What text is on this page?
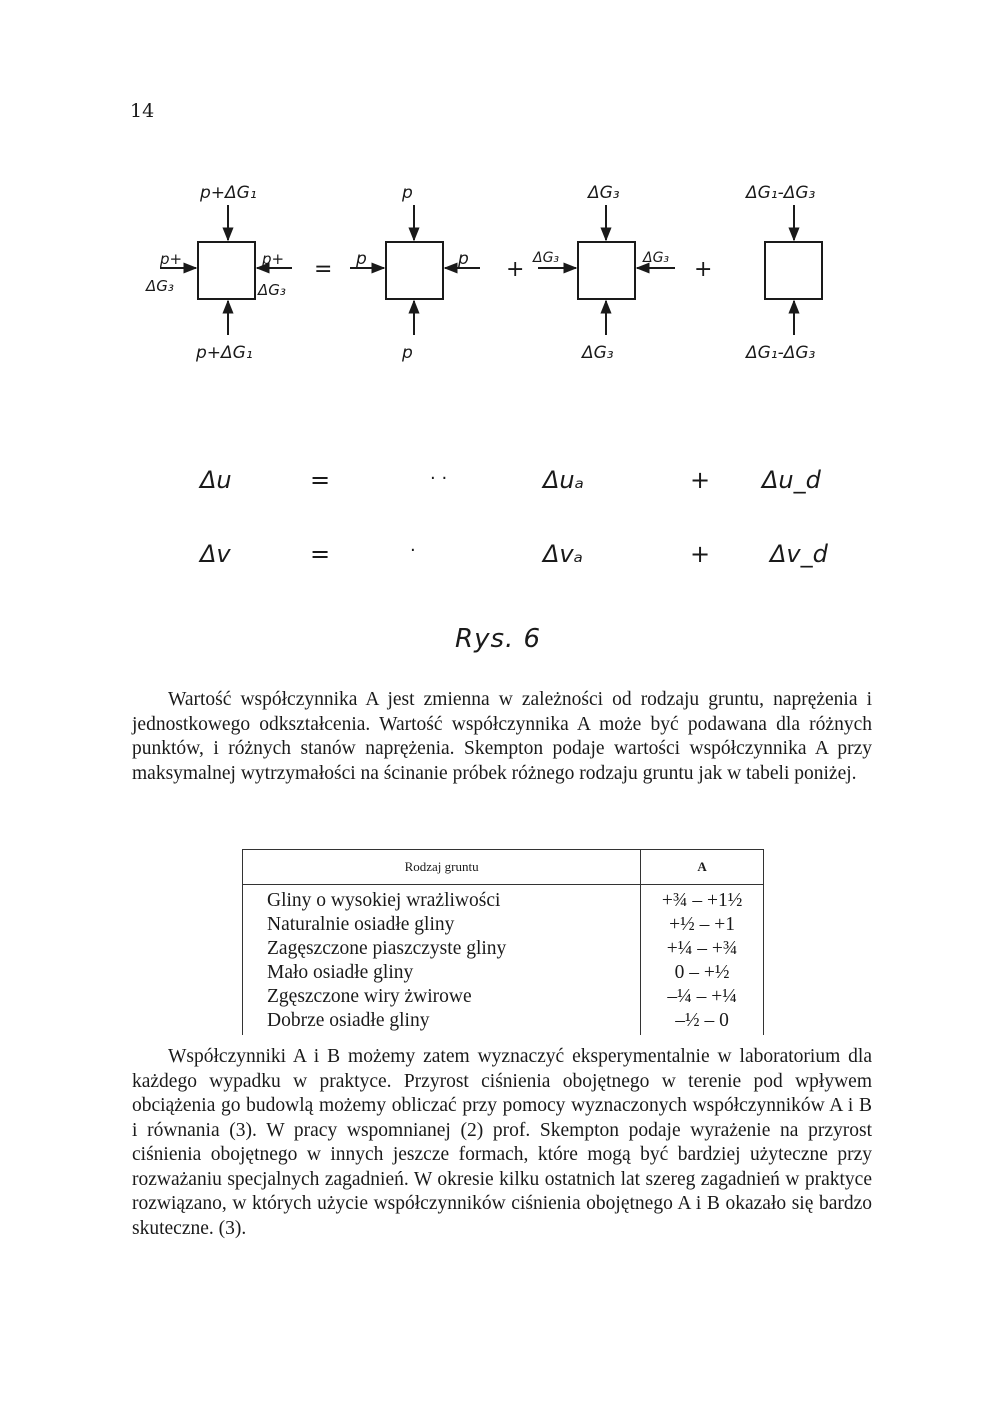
14
p+ΔG₁
p+ΔG₁
p+
ΔG₃
p+
ΔG₃
=
p
p
p	p +
ΔG₃
ΔG₃
ΔG₃	ΔG₃ +
ΔG₁-ΔG₃
ΔG₁-ΔG₃
Δu	=	· ·	Δuₐ	+ Δu_d
Δv	=	·	Δvₐ	+ Δv_d
Rys. 6

Wartość współczynnika A jest zmienna w zależności od rodzaju gruntu, naprężenia i jednostkowego odkształcenia. Wartość współczynnika A może być podawana dla różnych punktów, i różnych stanów naprężenia. Skempton podaje wartości współczynnika A przy maksymalnej wytrzymałości na ścinanie próbek różnego rodzaju gruntu jak w tabeli poniżej.

Rodzaj gruntu	A
Gliny o wysokiej wrażliwości	+¾ – +1½
Naturalnie osiadłe gliny	+½ – +1
Zagęszczone piaszczyste gliny	+¼ – +¾
Mało osiadłe gliny	0 – +½
Zgęszczone wiry żwirowe	–¼ – +¼
Dobrze osiadłe gliny	–½ – 0

Współczynniki A i B możemy zatem wyznaczyć eksperymentalnie w laboratorium dla każdego wypadku w praktyce. Przyrost ciśnienia obojętnego w terenie pod wpływem obciążenia go budowlą możemy obliczać przy pomocy wyznaczonych współczynników A i B i równania (3). W pracy wspomnianej (2) prof. Skempton podaje wyrażenie na przyrost ciśnienia obojętnego w innych jeszcze formach, które mogą być bardziej użyteczne przy rozważaniu specjalnych zagadnień. W okresie kilku ostatnich lat szereg zagadnień w praktyce rozwiązano, w których użycie współczynników ciśnienia obojętnego A i B okazało się bardzo skuteczne. (3).
